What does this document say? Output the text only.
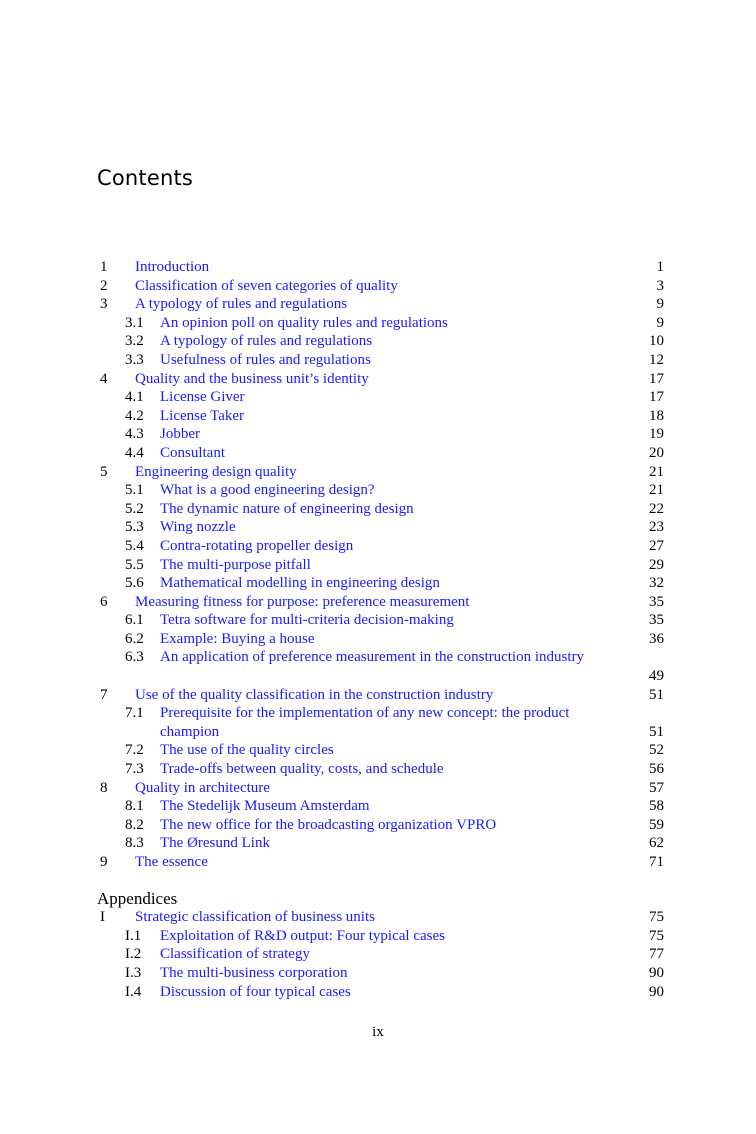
Contents
1 Introduction	1
2 Classification of seven categories of quality	3
3 A typology of rules and regulations	9
3.1 An opinion poll on quality rules and regulations	9
3.2 A typology of rules and regulations	10
3.3 Usefulness of rules and regulations	12
4 Quality and the business unit’s identity	17
4.1 License Giver	17
4.2 License Taker	18
4.3 Jobber	19
4.4 Consultant	20
5 Engineering design quality	21
5.1 What is a good engineering design?	21
5.2 The dynamic nature of engineering design	22
5.3 Wing nozzle	23
5.4 Contra-rotating propeller design	27
5.5 The multi-purpose pitfall	29
5.6 Mathematical modelling in engineering design	32
6 Measuring fitness for purpose: preference measurement	35
6.1 Tetra software for multi-criteria decision-making	35
6.2 Example: Buying a house	36
6.3 An application of preference measurement in the construction industry
49
7 Use of the quality classification in the construction industry	51
7.1 Prerequisite for the implementation of any new concept: the product champion	51
7.2 The use of the quality circles	52
7.3 Trade-offs between quality, costs, and schedule	56
8 Quality in architecture	57
8.1 The Stedelijk Museum Amsterdam	58
8.2 The new office for the broadcasting organization VPRO	59
8.3 The Øresund Link	62
9 The essence	71
Appendices
I Strategic classification of business units	75
I.1 Exploitation of R&D output: Four typical cases	75
I.2 Classification of strategy	77
I.3 The multi-business corporation	90
I.4 Discussion of four typical cases	90
ix
